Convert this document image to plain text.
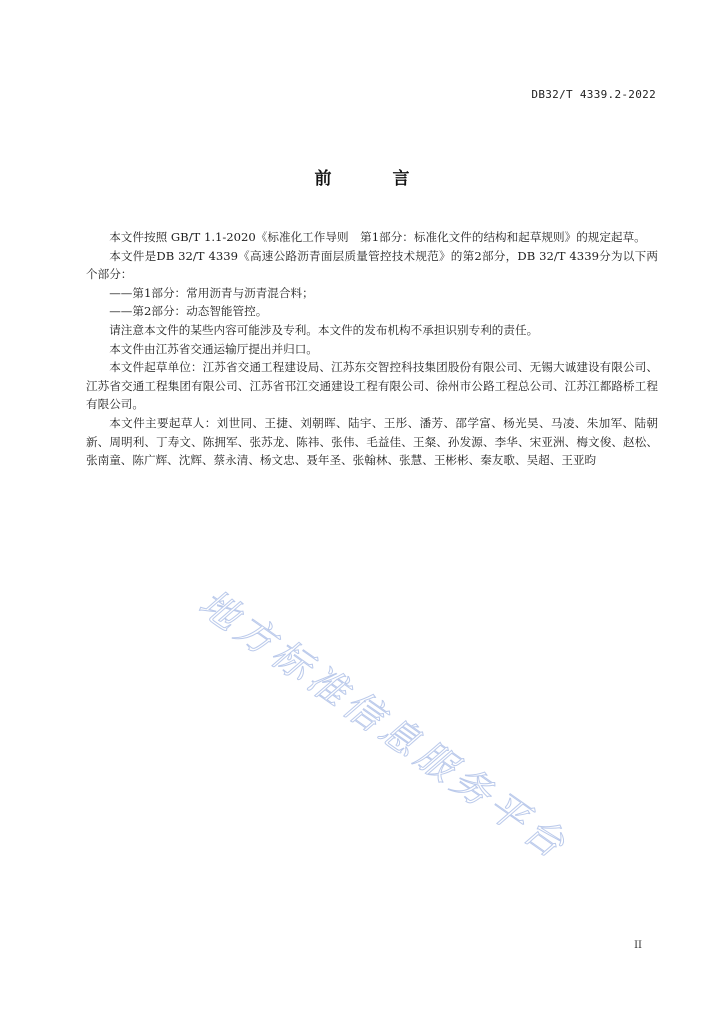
DB32/T 4339.2-2022
前　言

本文件按照 GB/T 1.1-2020《标准化工作导则　第1部分：标准化文件的结构和起草规则》的规定起草。

本文件是DB 32/T 4339《高速公路沥青面层质量管控技术规范》的第2部分，DB 32/T 4339分为以下两个部分：

——第1部分：常用沥青与沥青混合料；

——第2部分：动态智能管控。

请注意本文件的某些内容可能涉及专利。本文件的发布机构不承担识别专利的责任。

本文件由江苏省交通运输厅提出并归口。

本文件起草单位：江苏省交通工程建设局、江苏东交智控科技集团股份有限公司、无锡大诚建设有限公司、江苏省交通工程集团有限公司、江苏省邗江交通建设工程有限公司、徐州市公路工程总公司、江苏江都路桥工程有限公司。

本文件主要起草人：刘世同、王捷、刘朝晖、陆宇、王彤、潘芳、邵学富、杨光昊、马凌、朱加军、陆朝新、周明利、丁寿文、陈拥军、张苏龙、陈祎、张伟、毛益佳、王粲、孙发源、李华、宋亚洲、梅文俊、赵松、张南童、陈广辉、沈辉、蔡永清、杨文忠、聂年圣、张翰林、张慧、王彬彬、秦友歌、吴超、王亚昀

地方标准信息服务平台
II
